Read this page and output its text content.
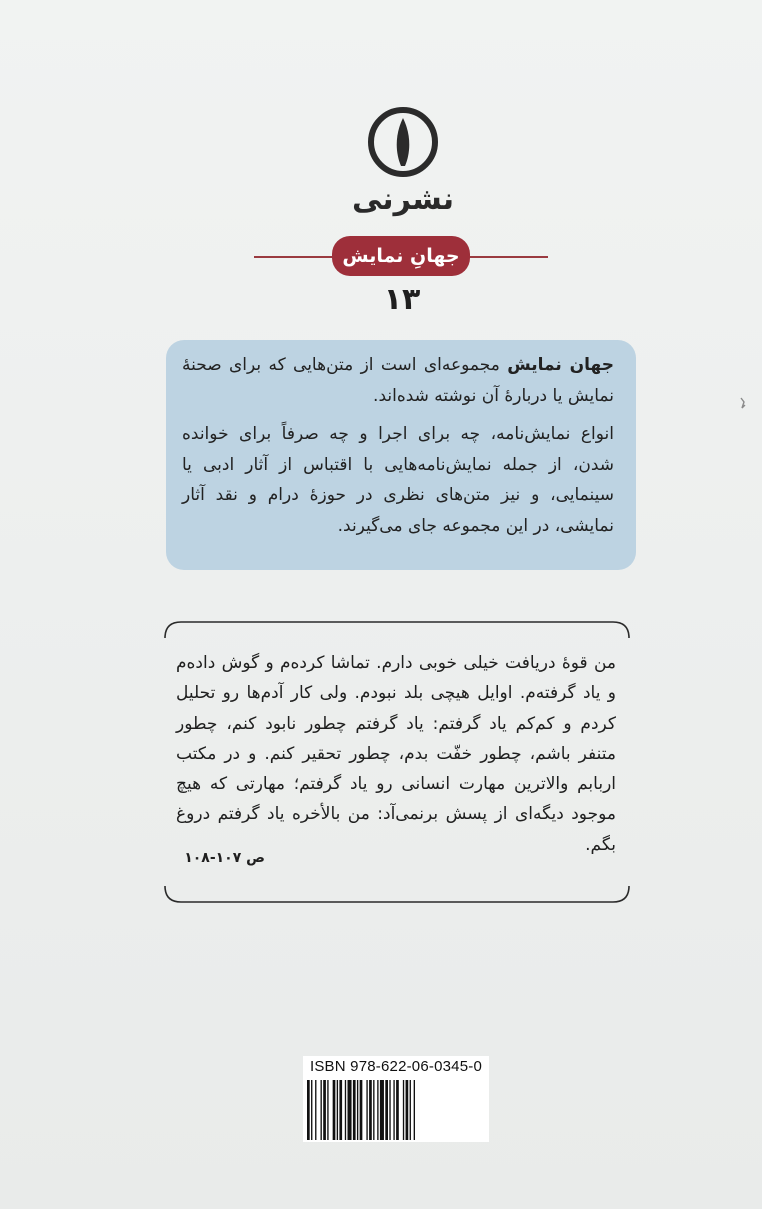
نشرنی
جهانِ نمایش
۱۳

جهان نمایش مجموعه‌ای است از متن‌هایی که برای صحنهٔ نمایش یا دربارهٔ آن نوشته شده‌اند.

انواع نمایش‌نامه، چه برای اجرا و چه صرفاً برای خوانده شدن، از جمله نمایش‌نامه‌هایی با اقتباس از آثار ادبی یا سینمایی، و نیز متن‌های نظری در حوزهٔ درام و نقد آثار نمایشی، در این مجموعه جای می‌گیرند.

من قوهٔ دریافت خیلی خوبی دارم. تماشا کرده‌م و گوش داده‌م و یاد گرفته‌م. اوایل هیچی بلد نبودم. ولی کار آدم‌ها رو تحلیل کردم و کم‌کم یاد گرفتم: یاد گرفتم چطور نابود کنم، چطور متنفر باشم، چطور خفّت بدم، چطور تحقیر کنم. و در مکتب اربابم والاترین مهارت انسانی رو یاد گرفتم؛ مهارتی که هیچ موجود دیگه‌ای از پسش برنمی‌آد: من بالأخره یاد گرفتم دروغ بگم.

ص ۱۰۷-۱۰۸
ISBN 978-622-06-0345-0
